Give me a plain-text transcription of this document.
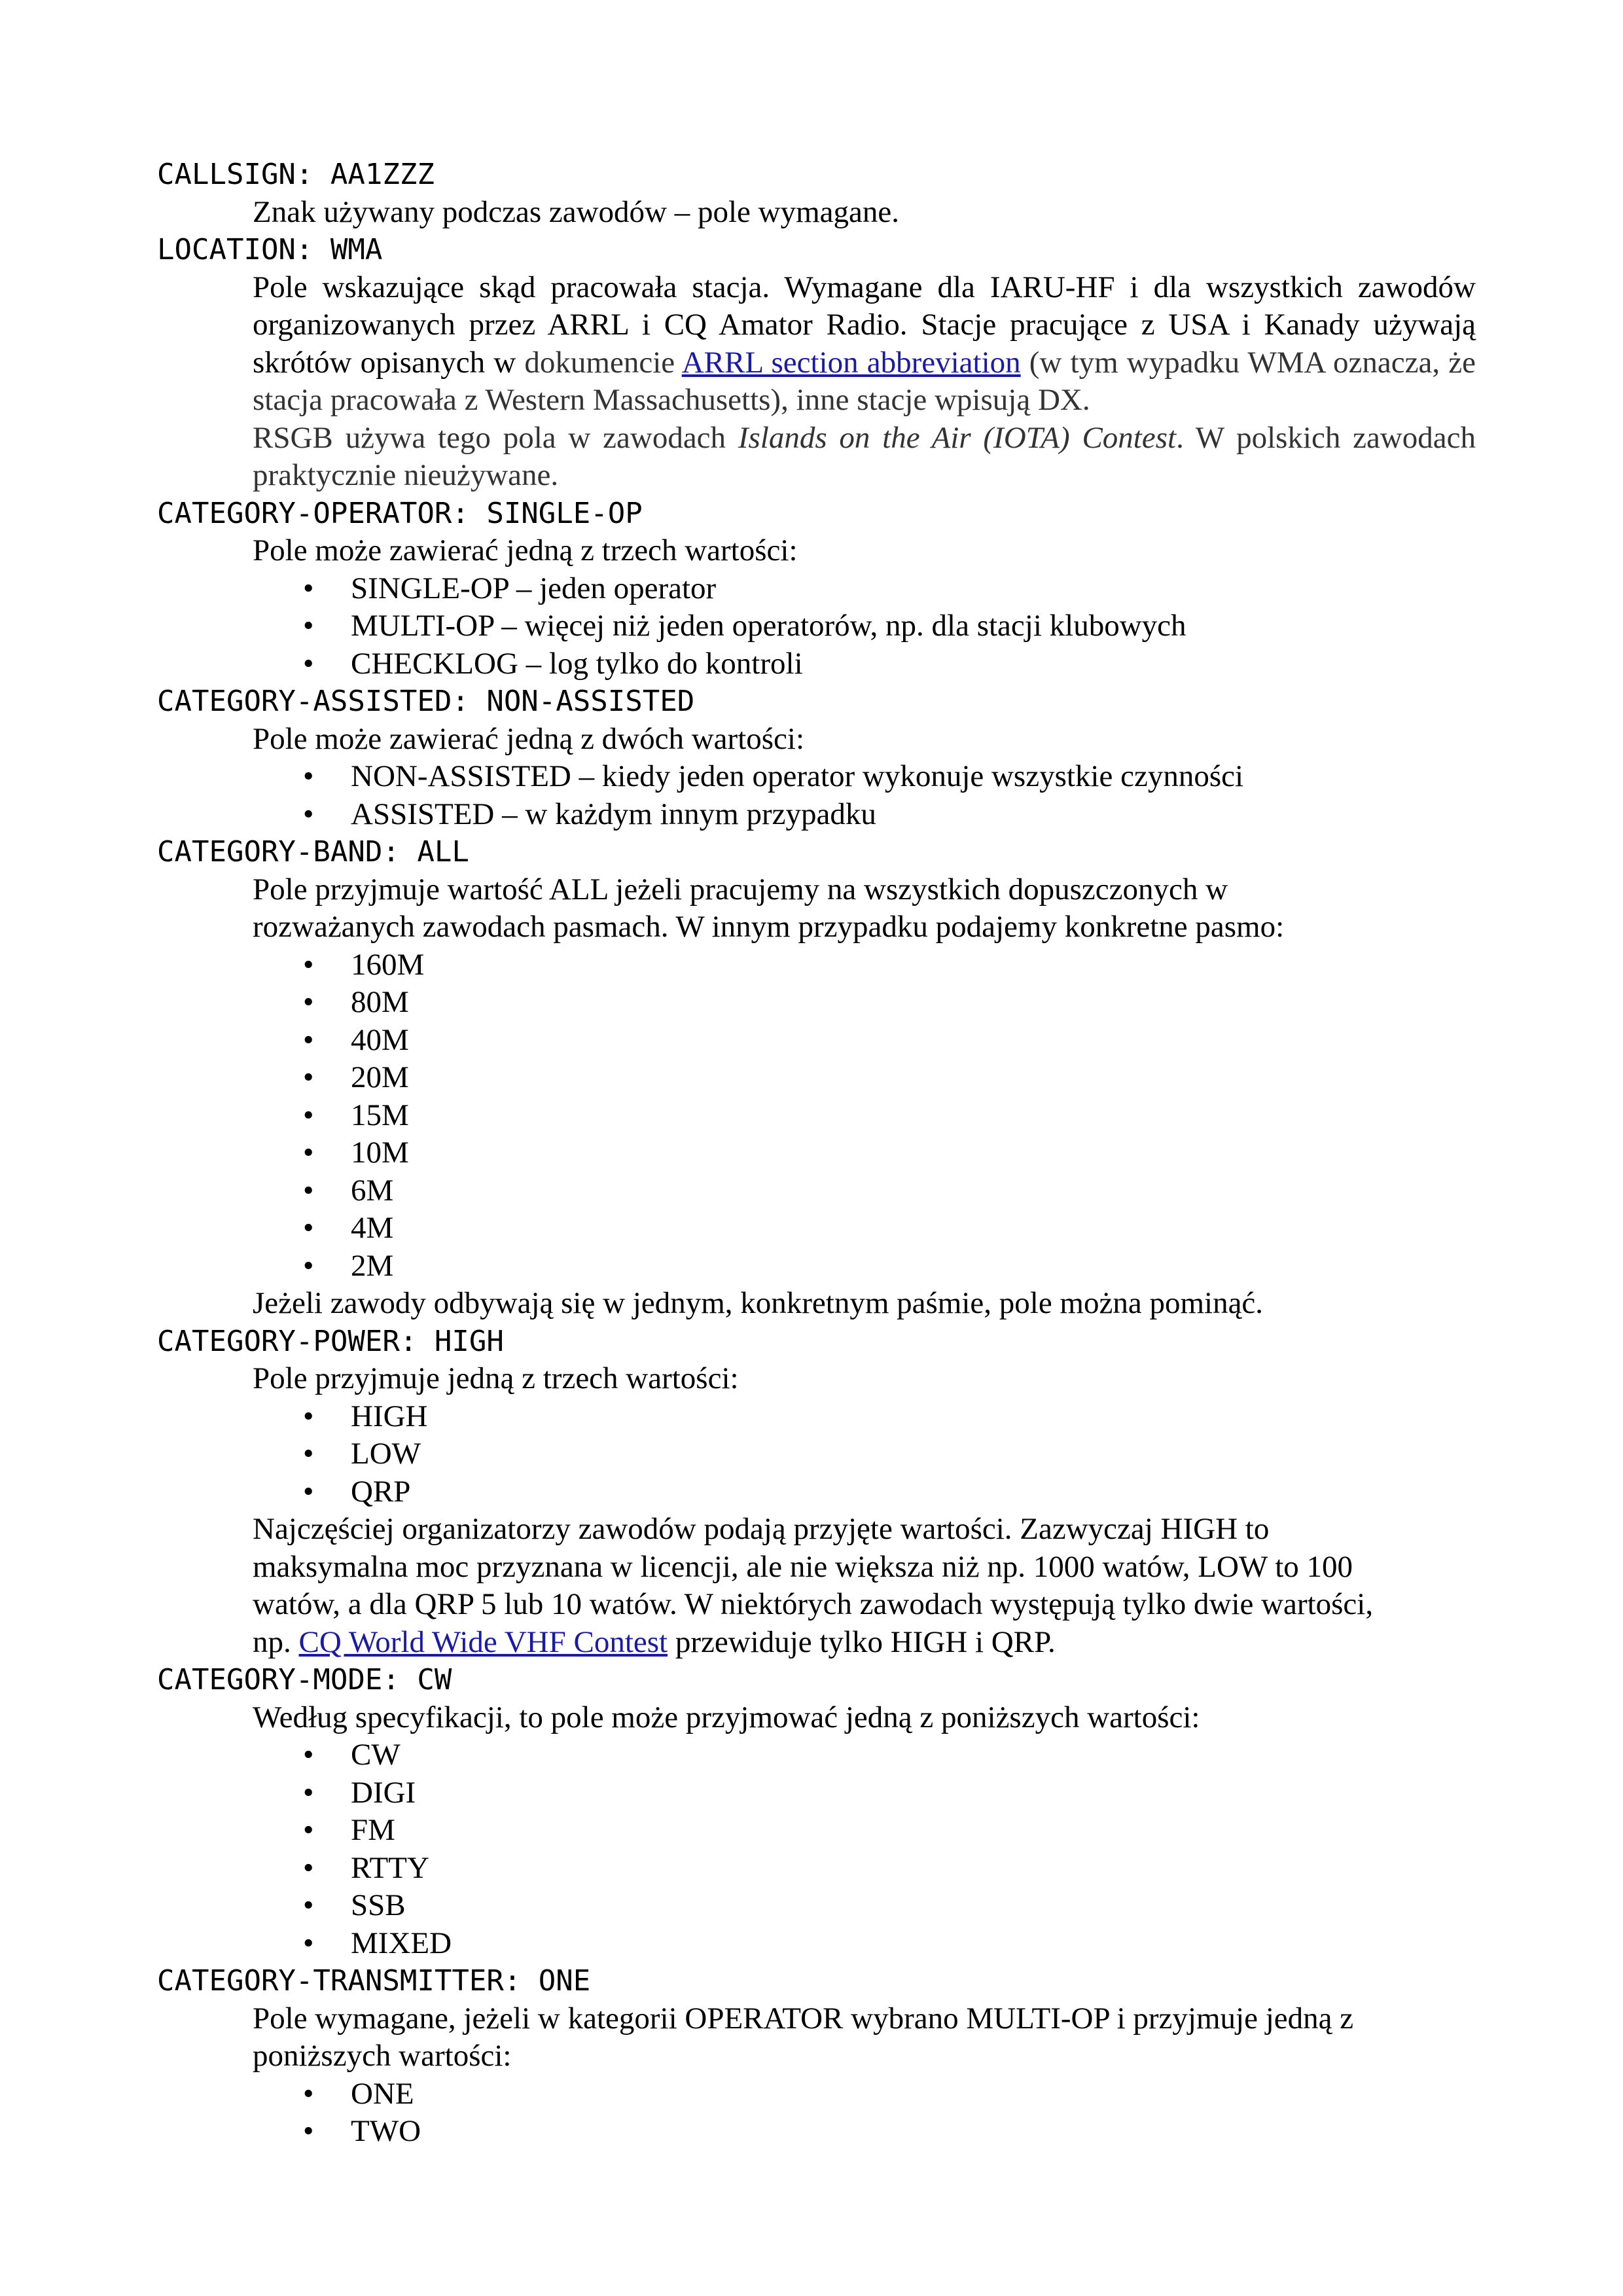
CALLSIGN: AA1ZZZ

Znak używany podczas zawodów – pole wymagane.

LOCATION: WMA

Pole wskazujące skąd pracowała stacja. Wymagane dla IARU-HF i dla wszystkich zawodów organizowanych przez ARRL i CQ Amator Radio. Stacje pracujące z USA i Kanady używają skrótów opisanych w dokumencie ARRL section abbreviation (w tym wypadku WMA oznacza, że stacja pracowała z Western Massachusetts), inne stacje wpisują DX.

RSGB używa tego pola w zawodach Islands on the Air (IOTA) Contest. W polskich zawodach praktycznie nieużywane.

CATEGORY-OPERATOR: SINGLE-OP

Pole może zawierać jedną z trzech wartości:

• SINGLE-OP – jeden operator
• MULTI-OP – więcej niż jeden operatorów, np. dla stacji klubowych
• CHECKLOG – log tylko do kontroli
CATEGORY-ASSISTED: NON-ASSISTED

Pole może zawierać jedną z dwóch wartości:

• NON-ASSISTED – kiedy jeden operator wykonuje wszystkie czynności
• ASSISTED – w każdym innym przypadku
CATEGORY-BAND: ALL

Pole przyjmuje wartość ALL jeżeli pracujemy na wszystkich dopuszczonych w
rozważanych zawodach pasmach. W innym przypadku podajemy konkretne pasmo:

• 160M
• 80M
• 40M
• 20M
• 15M
• 10M
• 6M
• 4M
• 2M

Jeżeli zawody odbywają się w jednym, konkretnym paśmie, pole można pominąć.

CATEGORY-POWER: HIGH

Pole przyjmuje jedną z trzech wartości:

• HIGH
• LOW
• QRP

Najczęściej organizatorzy zawodów podają przyjęte wartości. Zazwyczaj HIGH to
maksymalna moc przyznana w licencji, ale nie większa niż np. 1000 watów, LOW to 100
watów, a dla QRP 5 lub 10 watów. W niektórych zawodach występują tylko dwie wartości,
np. CQ World Wide VHF Contest przewiduje tylko HIGH i QRP.

CATEGORY-MODE: CW

Według specyfikacji, to pole może przyjmować jedną z poniższych wartości:

• CW
• DIGI
• FM
• RTTY
• SSB
• MIXED
CATEGORY-TRANSMITTER: ONE

Pole wymagane, jeżeli w kategorii OPERATOR wybrano MULTI-OP i przyjmuje jedną z
poniższych wartości:

• ONE
• TWO
